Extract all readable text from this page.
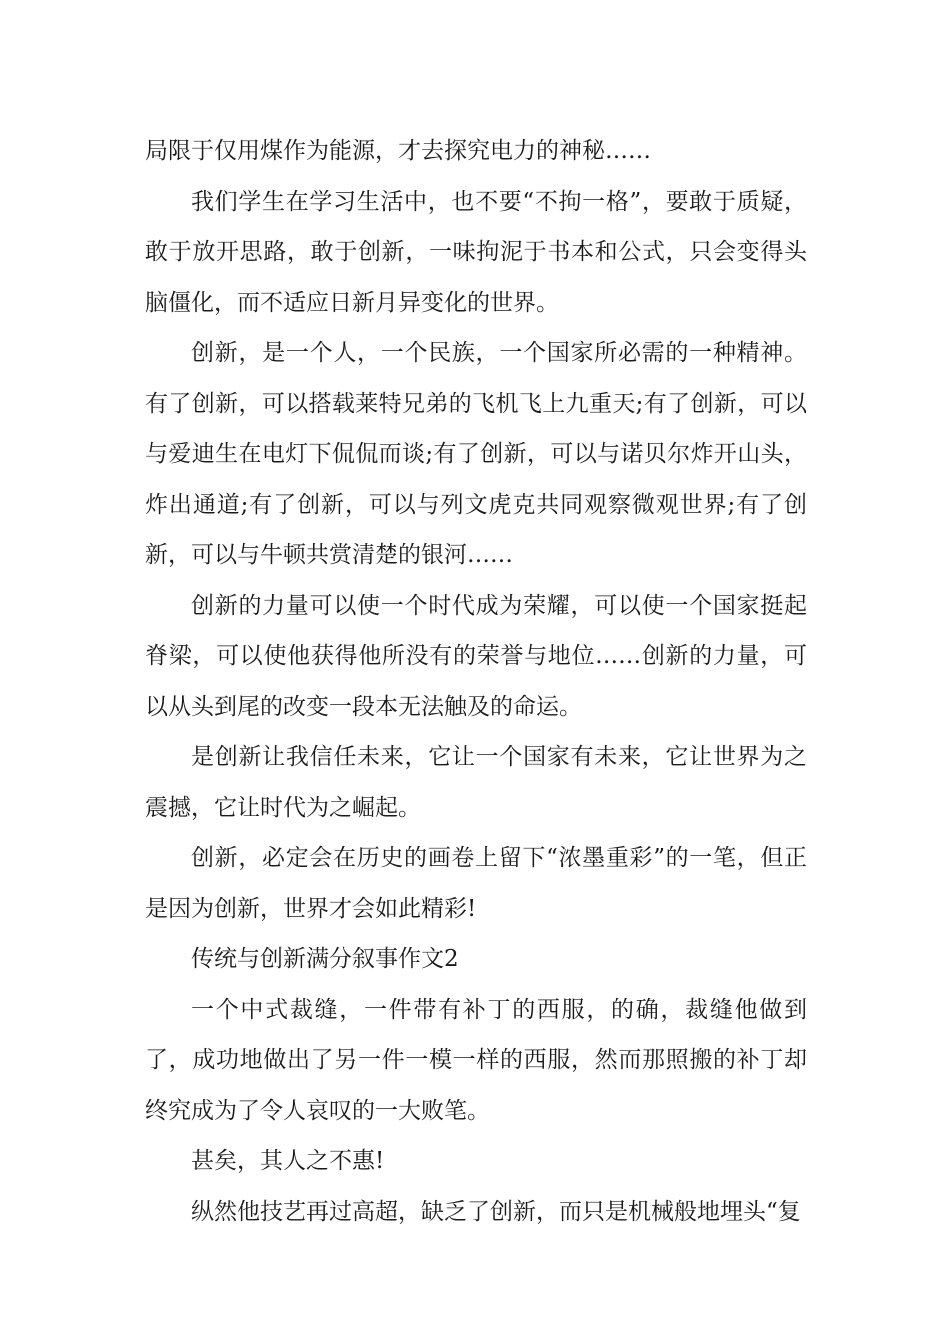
局限于仅用煤作为能源，才去探究电力的神秘……

我们学生在学习生活中，也不要“不拘一格”，要敢于质疑，敢于放开思路，敢于创新，一味拘泥于书本和公式，只会变得头脑僵化，而不适应日新月异变化的世界。

创新，是一个人，一个民族，一个国家所必需的一种精神。有了创新，可以搭载莱特兄弟的飞机飞上九重天;有了创新，可以与爱迪生在电灯下侃侃而谈;有了创新，可以与诺贝尔炸开山头，炸出通道;有了创新，可以与列文虎克共同观察微观世界;有了创新，可以与牛顿共赏清楚的银河……

创新的力量可以使一个时代成为荣耀，可以使一个国家挺起脊梁，可以使他获得他所没有的荣誉与地位……创新的力量，可以从头到尾的改变一段本无法触及的命运。

是创新让我信任未来，它让一个国家有未来，它让世界为之震撼，它让时代为之崛起。

创新，必定会在历史的画卷上留下“浓墨重彩”的一笔，但正是因为创新，世界才会如此精彩!

传统与创新满分叙事作文2

一个中式裁缝，一件带有补丁的西服，的确，裁缝他做到了，成功地做出了另一件一模一样的西服，然而那照搬的补丁却终究成为了令人哀叹的一大败笔。

甚矣，其人之不惠!

纵然他技艺再过高超，缺乏了创新，而只是机械般地埋头“复
